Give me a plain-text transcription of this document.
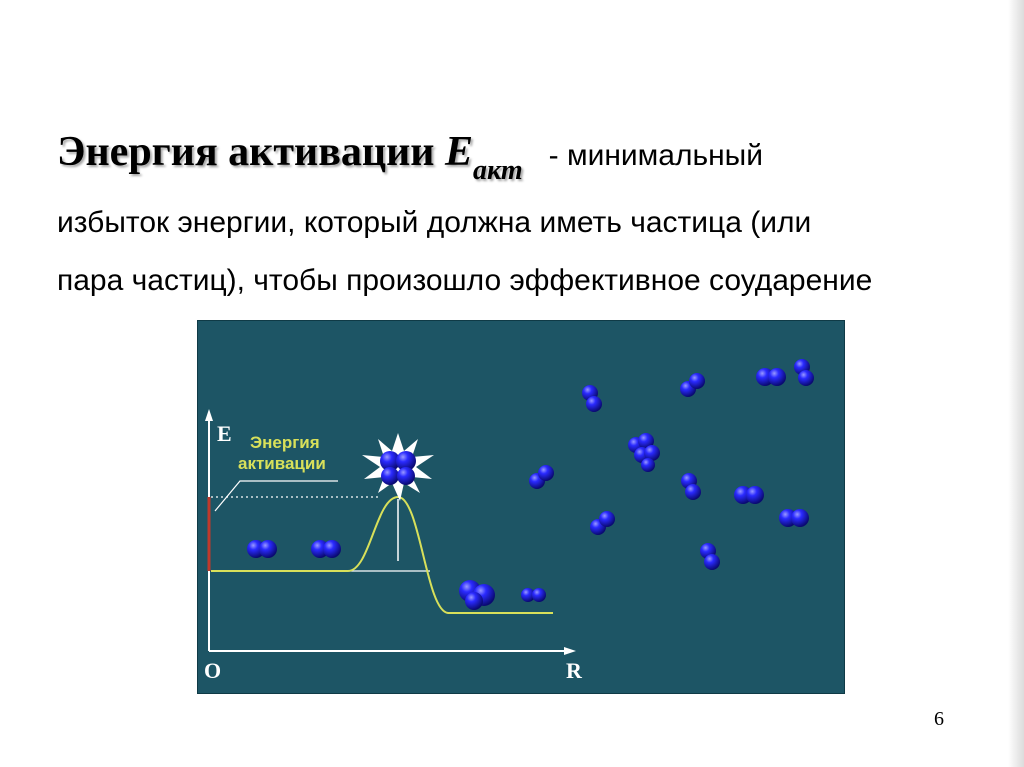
Энергия активации Eакт - минимальный
избыток энергии, который должна иметь частица (или
пара частиц), чтобы произошло эффективное соударение
E
O	R
Энергия
активации
6
